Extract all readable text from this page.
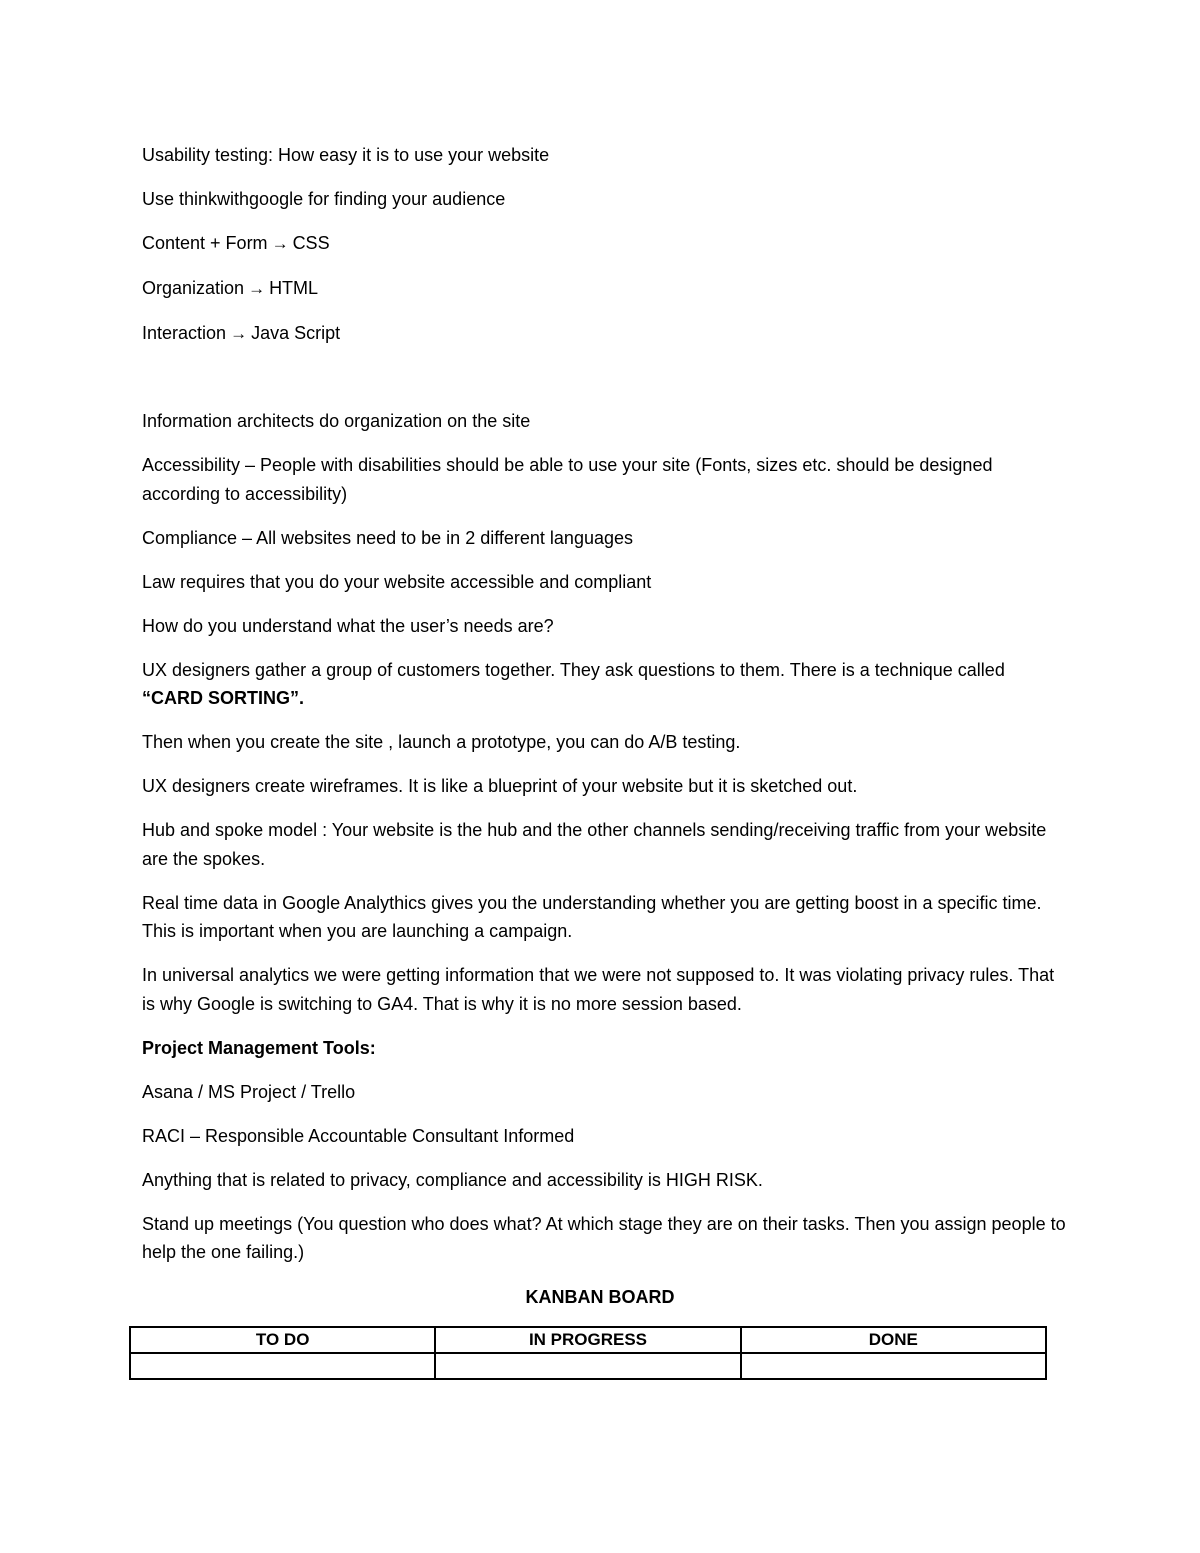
Usability testing: How easy it is to use your website

Use thinkwithgoogle for finding your audience

Content + Form → CSS

Organization → HTML

Interaction → Java Script

Information architects do organization on the site

Accessibility – People with disabilities should be able to use your site (Fonts, sizes etc. should be designed according to accessibility)

Compliance – All websites need to be in 2 different languages

Law requires that you do your website accessible and compliant

How do you understand what the user’s needs are?

UX designers gather a group of customers together. They ask questions to them. There is a technique called “CARD SORTING”.

Then when you create the site , launch a prototype, you can do A/B testing.

UX designers create wireframes. It is like a blueprint of your website but it is sketched out.

Hub and spoke model : Your website is the hub and the other channels sending/receiving traffic from your website are the spokes.

Real time data in Google Analythics gives you the understanding whether you are getting boost in a specific time. This is important when you are launching a campaign.

In universal analytics we were getting information that we were not supposed to. It was violating privacy rules. That is why Google is switching to GA4. That is why it is no more session based.

Project Management Tools:

Asana / MS Project / Trello

RACI – Responsible Accountable Consultant Informed

Anything that is related to privacy, compliance and accessibility is HIGH RISK.

Stand up meetings (You question who does what? At which stage they are on their tasks. Then you assign people to help the one failing.)

KANBAN BOARD

TO DO	IN PROGRESS	DONE
